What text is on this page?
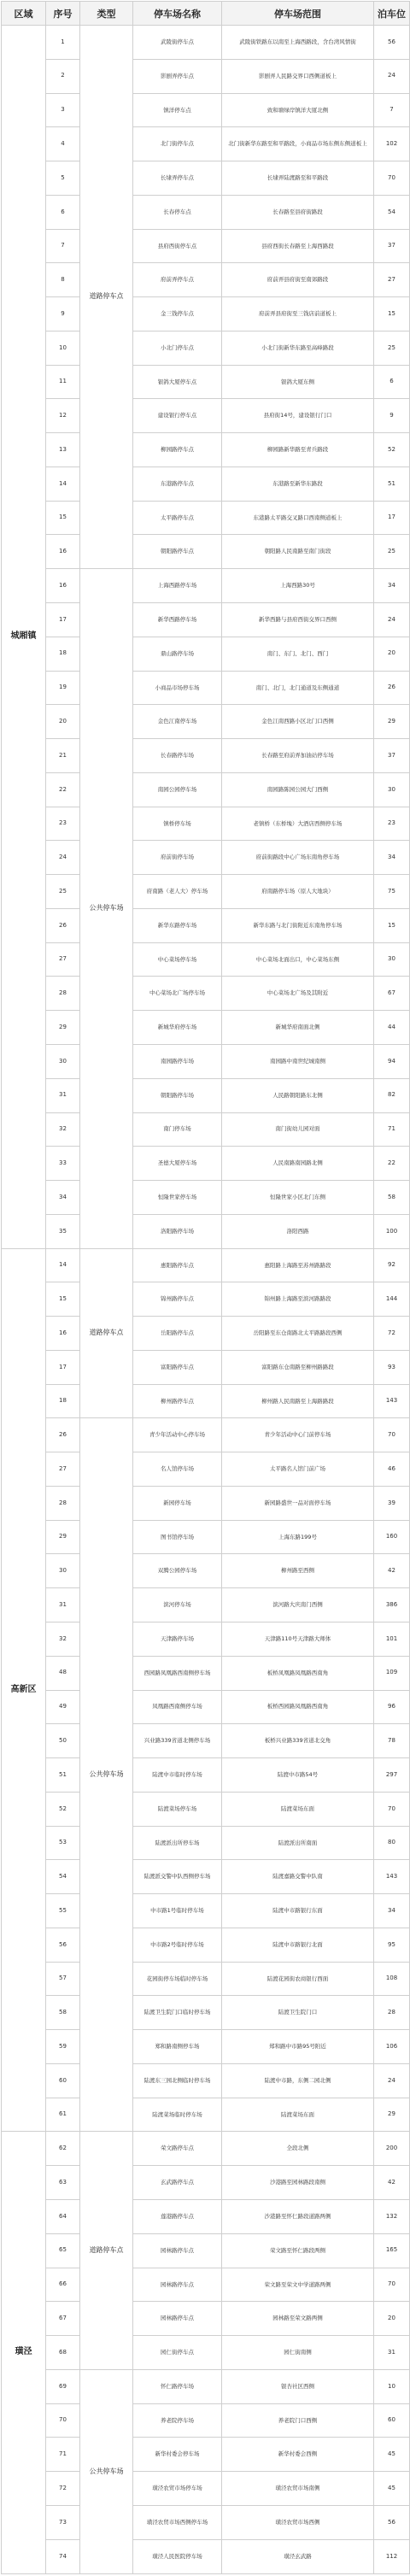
区域	序号	类型	停车场名称	停车场范围	泊车位
城厢镇	1	道路停车点	武陵街停车点	武陵街铁路东以南至上海西路段，含台湾风情街	56
	2		影剧弄停车点	影剧弄人民路交界口西侧道板上	24
	3		镇洋停车点	致和塘绿岸镇洋大厦北侧	7
	4		北门街停车点	北门街新华东路至和平路段，小商品市场东侧东侧道板上	102
	5		长埭弄停车点	长埭弄陆渡路至和平路段	70
	6		长春停车点	长春路至县府街路段	54
	7		县府西街停车点	县府西街长春路至上海西路段	37
	8		府前弄停车点	府前弄县府街至南郊路段	27
	9		金三钱停车点	府前弄县府街至三钱店前道板上	15
	10		小北门停车点	小北门街新华东路至高峰路段	25
	11		银鸽大厦停车点	银鸽大厦东侧	6
	12		建设银行停车点	县府街14号，建设银行门口	9
	13		柳园路停车点	柳园路新华路至青兵路段	52
	14		东港路停车点	东港路至新华东路段	51
	15		太平路停车点	东港路太平路交叉路口西南侧道板上	17
	16		朝阳路停车点	朝阳路人民南路至南门街段	25
	16	公共停车场	上海西路停车场	上海西路30号	34
	17		新华西路停车场	新华西路与县府西街交界口西侧	24
	18		鼎山路停车场	南门、东门、北门、西门	20
	19		小商品市场停车场	南门、北门，北门通道及东侧通道	26
	20		金色江南停车场	金色江南西路小区北门口西侧	29
	21		长春路停车场	长春路至府前弄加油站停车场	37
	22		南园公园停车场	南园路陈园公园大门西侧	30
	23		镇桥停车场	老镇桥（东桥堍）大酒店西侧停车场	23
	24		府前街停车场	府前街路段中心广场东南角停车场	34
	25		府南路（老人大）停车场	府南路停车场（原人大地块）	75
	26		新华东路停车场	新华东路与北门街附近东南角停车场	15
	27		中心菜场停车场	中心菜场北面出口，中心菜场东侧	30
	28		中心菜场北广场停车场	中心菜场北广场及其附近	67
	29		新城华府停车场	新城华府南面北侧	44
	30		南园路停车场	南园路中南世纪城南侧	94
	31		朝阳路停车场	人民路朝阳路东北侧	82
	32		南门停车场	南门街幼儿园对面	71
	33		圣德大厦停车场	人民南路南园路北侧	22
	34		恒隆世家停车场	恒隆世家小区北门东侧	58
	35		洛阳路停车场	洛阳西路	100
高新区	14	道路停车点	惠阳路停车点	惠阳路上海路至苏州路路段	92
	15		锦州路停车点	锦州路上海路至滨河路路段	144
	16		岳阳路停车点	岳阳路至东仓南路北太平路路段西侧	72
	17		富阳路停车点	富阳路东仓南路至柳州路路段	93
	18		柳州路停车点	柳州路人民南路至上海路路段	143
	26	公共停车场	青少年活动中心停车场	青少年活动中心门前停车场	70
	27		名人馆停车场	太平路名人馆门前广场	46
	28		新园停车场	新园路盛世一品对面停车场	39
	29		图书馆停车场	上海东路199号	160
	30		双腾公园停车场	柳州路至西侧	42
	31		滨河停车场	滨河路大庆南门西侧	386
	32		天津路停车场	天津路110号天津路大师体	101
	48		西园路凤凰路西南侧停车场	板桥凤凰路凤凰路西南角	109
	49		凤凰路西南侧停车场	板桥西园路凤凰路西南角	96
	50		兴业路339省道北侧停车场	板桥兴业路339省道北交角	78
	51		陆渡中市临时停车场	陆渡中市路54号	297
	52		陆渡菜场停车场	陆渡菜场东面	70
	53		陆渡派出所停车场	陆渡派出所南面	80
	54		陆渡派交警中队西侧停车场	陆渡嘉路交警中队南	143
	55		中市路1号临时停车场	陆渡中市路银行东面	34
	56		中市路2号临时停车场	陆渡中市路银行北面	95
	57		花园街停车场临时停车场	陆渡花园街农商银行西面	108
	58		陆渡卫生院门口临时停车场	陆渡卫生院门口	28
	59		郑和路南侧停车场	郑和路中市路95号附近	106
	60		陆渡东三园北侧临时停车场	陆渡中市路，东侧二园北侧	24
	61		陆渡菜场临时停车场	陆渡菜场东面	29
璜泾	62	道路停车点	荣文路停车点	全段北侧	200
	63		玄武路停车点	沙港路至园林路段南侧	42
	64		莲港路停车点	沙港路至怀仁路段道路两侧	132
	65		园林路停车点	荣文路至怀仁路段两侧	165
	66		园林路停车点	荣文路至荣文中学道路两侧	70
	67		园林路停车点	园林路至荣文路两侧	20
	68		园仁街停车点	园仁街南侧	31
	69	公共停车场	怀仁路停车场	银杏社区西侧	10
	70		养老院停车场	养老院门口西侧	60
	71		新华村委会停车场	新华村委会西侧	45
	72		璜泾农贸市场停车场	璜泾农贸市场南侧	45
	73		璜泾农贸市场西侧停车场	璜泾农贸市场西侧	56
	74		璜泾人民医院停车场	璜泾玄武路	112
